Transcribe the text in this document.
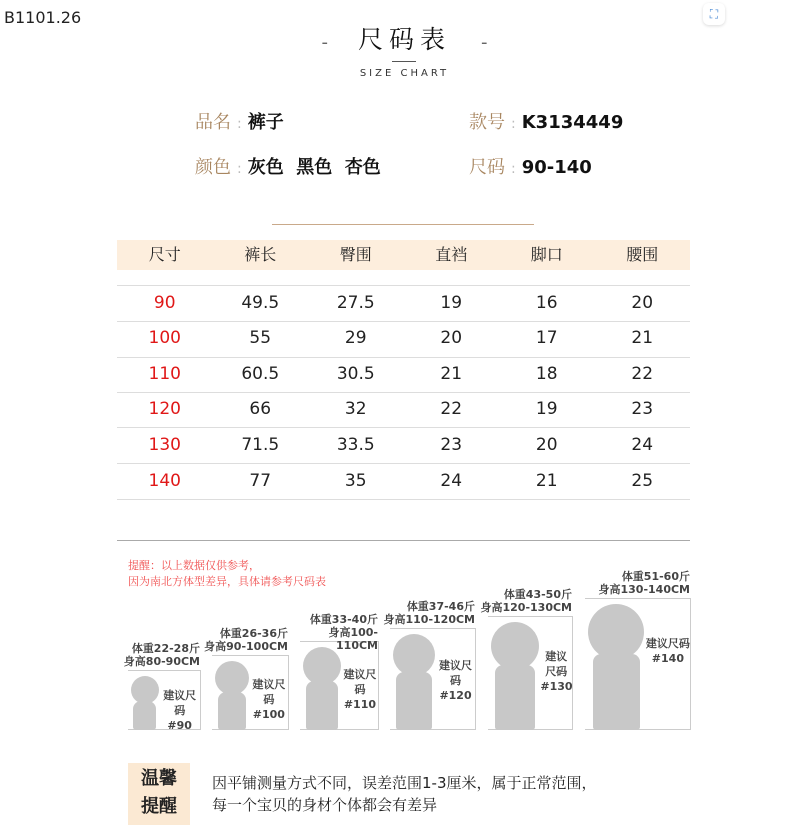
B1101.26	⛶
- 尺码表 -
SIZE CHART
品名 : 裤子	款号 : K3134449
颜色 : 灰色  黑色  杏色	尺码 : 90-140
尺寸	裤长	臀围	直裆	脚口	腰围
90	49.5	27.5	19	16	20
100	55	29	20	17	21
110	60.5	30.5	21	18	22
120	66	32	22	19	23
130	71.5	33.5	23	20	24
140	77	35	24	21	25
提醒：以上数据仅供参考，
因为南北方体型差异，具体请参考尺码表
体重22-28斤
身高80-90CM
建议尺码
#90
体重26-36斤
身高90-100CM
建议尺码
#100
体重33-40斤
身高100-110CM
建议尺码
#110
体重37-46斤
身高110-120CM
建议尺码
#120
体重43-50斤
身高120-130CM
建议尺码
#130
体重51-60斤
身高130-140CM
建议尺码
#140
温馨
提醒
因平铺测量方式不同，误差范围1-3厘米，属于正常范围，
每一个宝贝的身材个体都会有差异
